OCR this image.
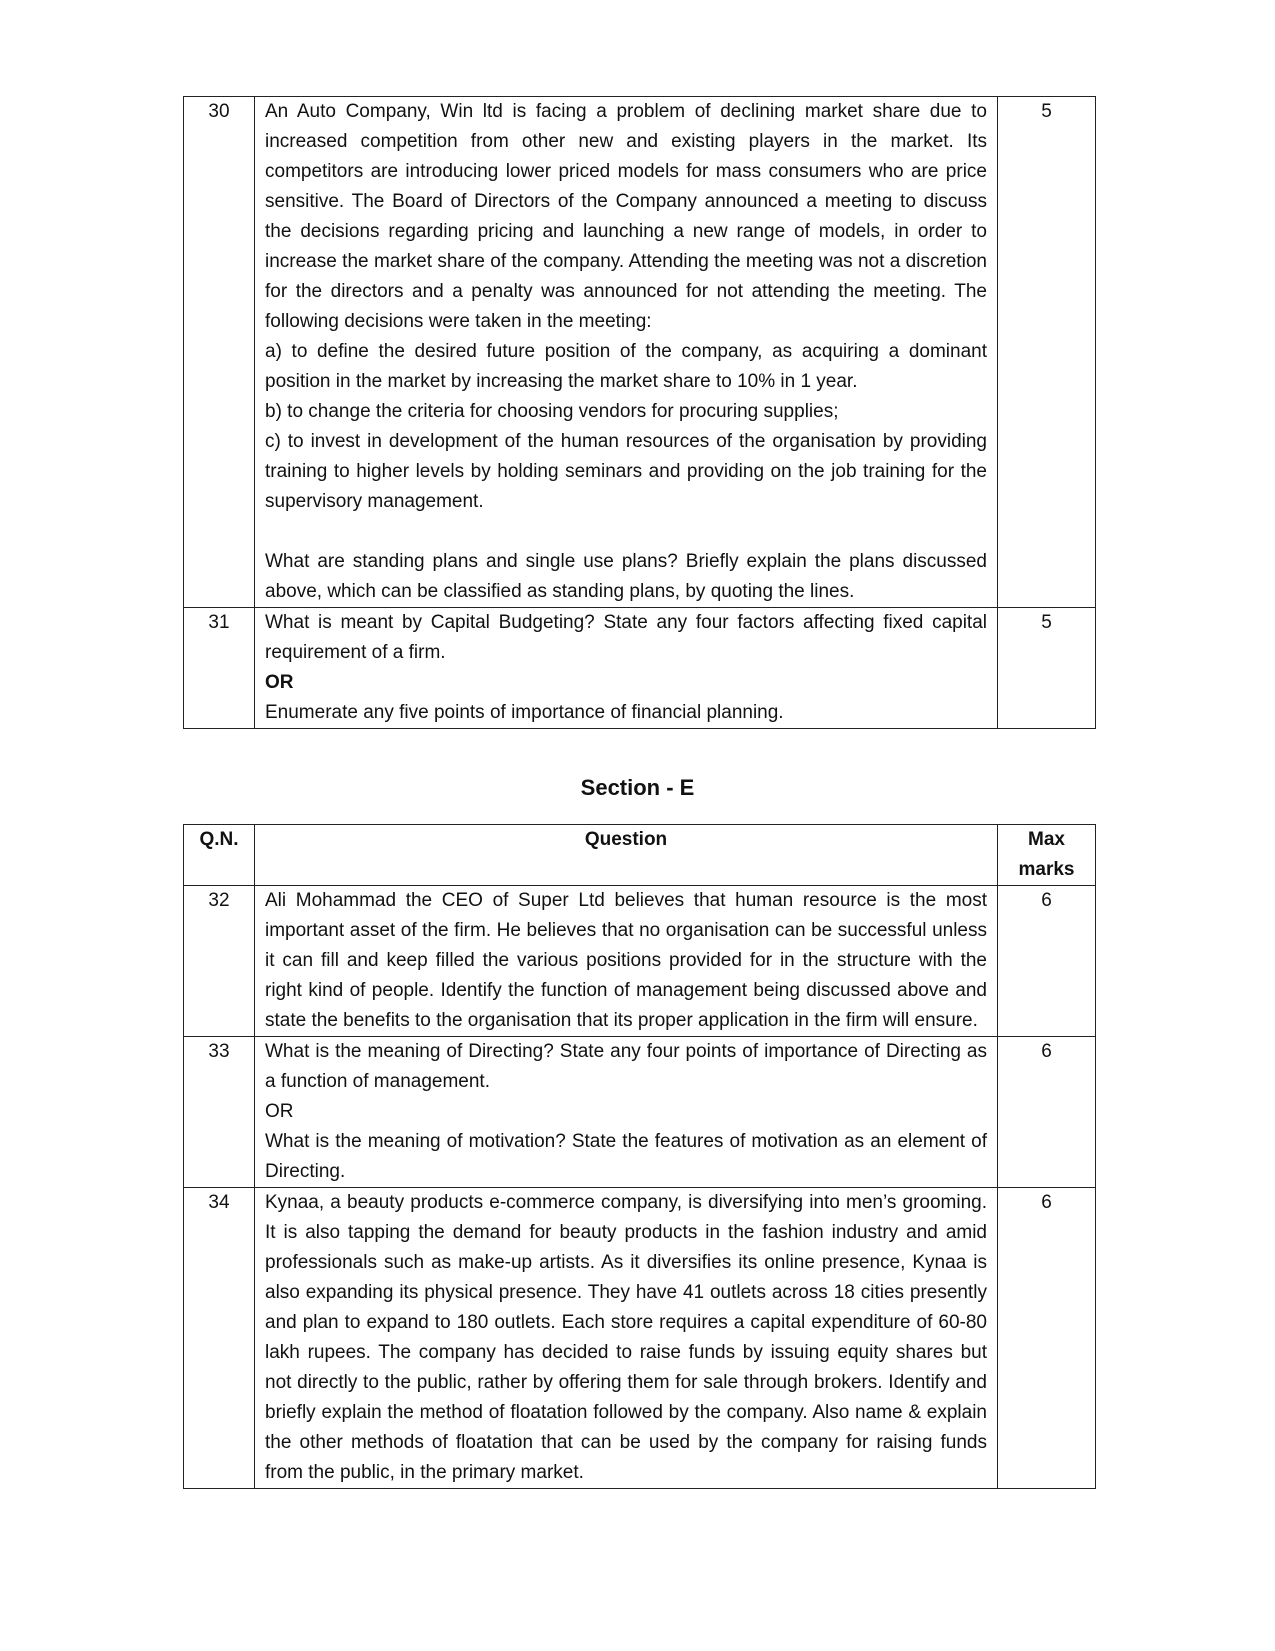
30	An Auto Company, Win ltd is facing a problem of declining market share due to increased competition from other new and existing players in the market. Its competitors are introducing lower priced models for mass consumers who are price sensitive. The Board of Directors of the Company announced a meeting to discuss the decisions regarding pricing and launching a new range of models, in order to increase the market share of the company. Attending the meeting was not a discretion for the directors and a penalty was announced for not attending the meeting. The following decisions were taken in the meeting:
a) to define the desired future position of the company, as acquiring a dominant position in the market by increasing the market share to 10% in 1 year.
b) to change the criteria for choosing vendors for procuring supplies;
c) to invest in development of the human resources of the organisation by providing training to higher levels by holding seminars and providing on the job training for the supervisory management.
What are standing plans and single use plans? Briefly explain the plans discussed above, which can be classified as standing plans, by quoting the lines.	5
31	What is meant by Capital Budgeting? State any four factors affecting fixed capital requirement of a firm.
OR
Enumerate any five points of importance of financial planning.	5
Section - E
Q.N.	Question	Max
marks

32	Ali Mohammad the CEO of Super Ltd believes that human resource is the most important asset of the firm. He believes that no organisation can be successful unless it can fill and keep filled the various positions provided for in the structure with the right kind of people. Identify the function of management being discussed above and state the benefits to the organisation that its proper application in the firm will ensure.	6
33	What is the meaning of Directing? State any four points of importance of Directing as a function of management.
OR
What is the meaning of motivation? State the features of motivation as an element of Directing.	6
34	Kynaa, a beauty products e-commerce company, is diversifying into men’s grooming. It is also tapping the demand for beauty products in the fashion industry and amid professionals such as make-up artists. As it diversifies its online presence, Kynaa is also expanding its physical presence. They have 41 outlets across 18 cities presently and plan to expand to 180 outlets. Each store requires a capital expenditure of 60-80 lakh rupees. The company has decided to raise funds by issuing equity shares but not directly to the public, rather by offering them for sale through brokers. Identify and briefly explain the method of floatation followed by the company. Also name & explain the other methods of floatation that can be used by the company for raising funds from the public, in the primary market.	6
